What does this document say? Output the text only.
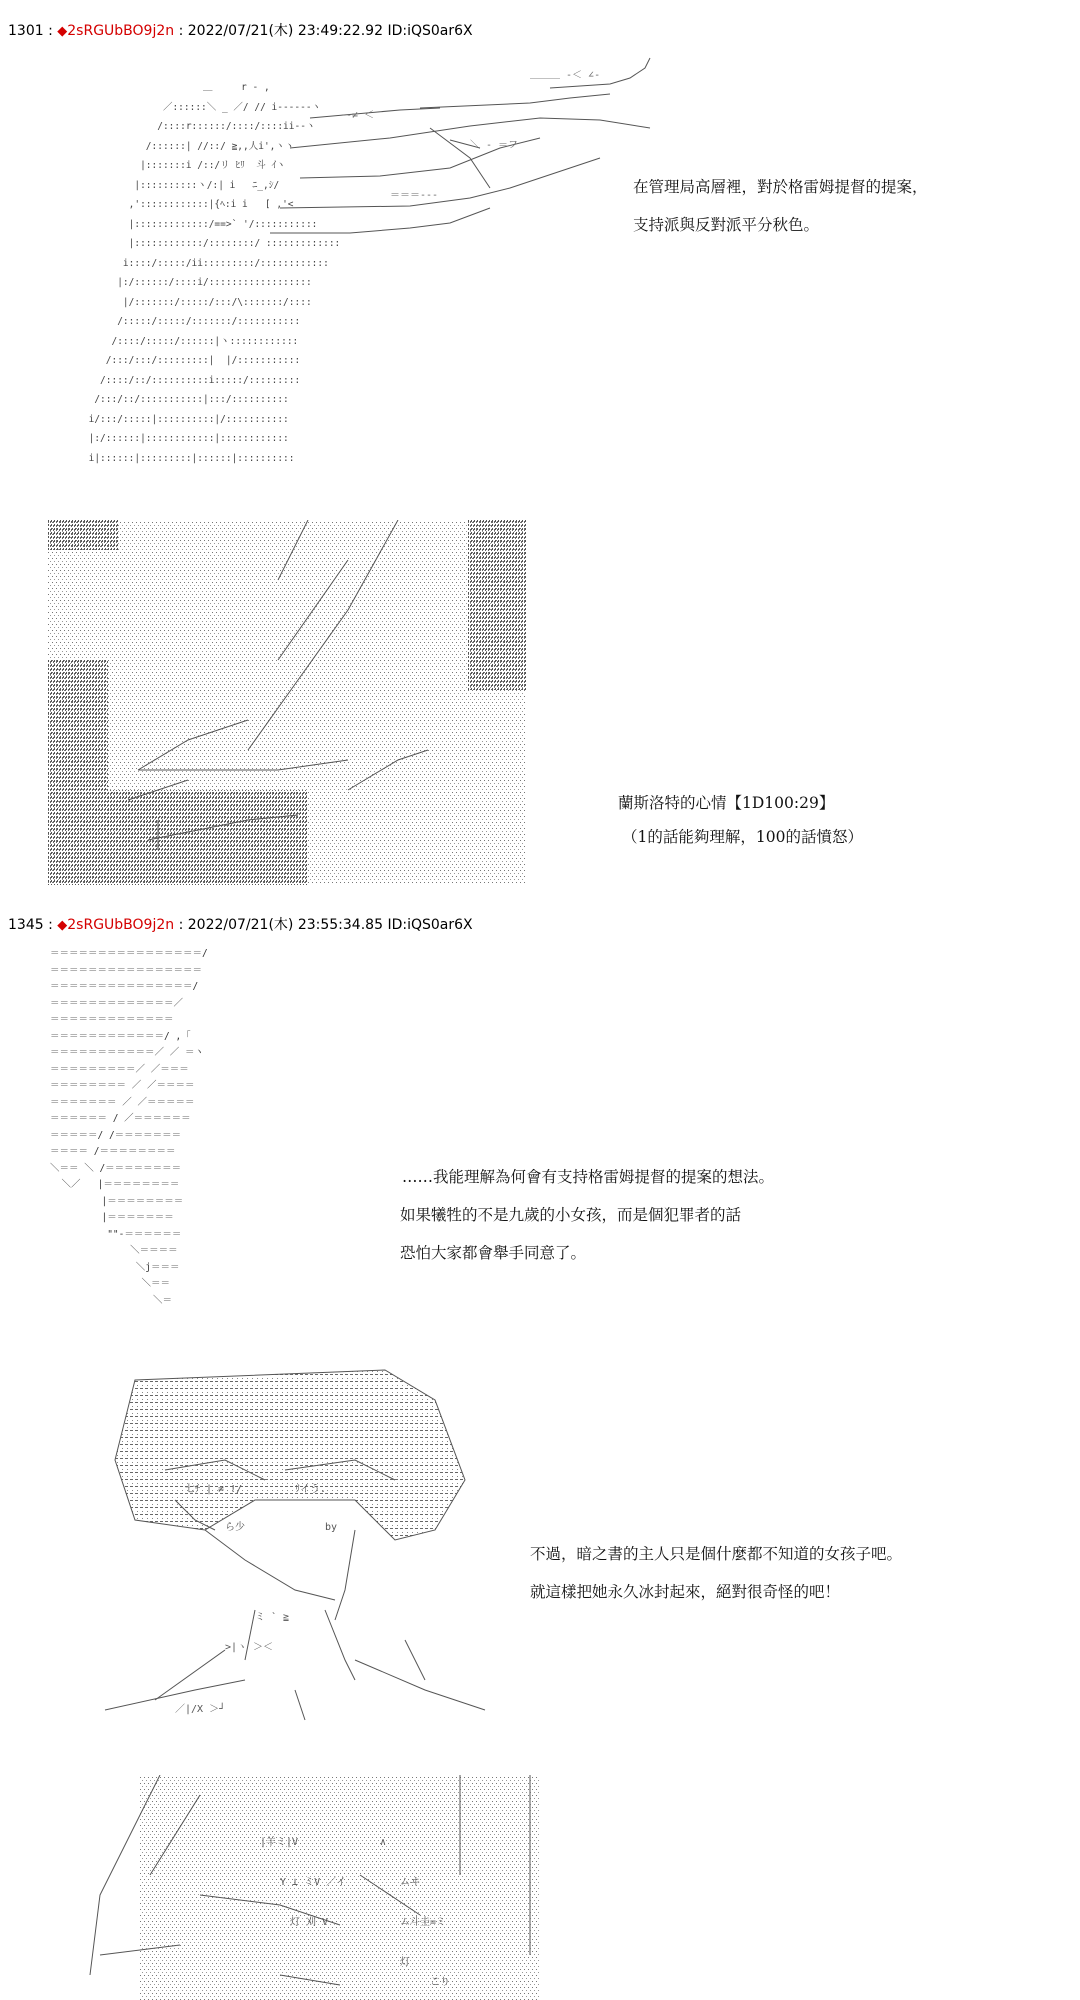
1301 : ◆2sRGUbBO9j2n : 2022/07/21(木) 23:49:22.92 ID:iQS0ar6X
＿     r - ,
／::::::＼ _ ／/ // i------ヽ
/::::r::::::/::::/::::ii--ヽ
/::::::| //::/ ≧,,人i',ヽヽ
|:::::::i /::/リ ﾋﾘ  斗 ｲヽ
|::::::::::ヽ/:| i   ﾆ_,ｼ/
,'::::::::::::|{ﾍ:i i   [ ,'<
|:::::::::::::/==>` '/:::::::::::
|::::::::::::/::::::::/ :::::::::::::
i::::/:::::/ii:::::::::/::::::::::::
|:/::::::/::::i/::::::::::::::::::
|/:::::::/:::::/:::/\:::::::/::::
/:::::/:::::/:::::::/:::::::::::
/::::/:::::/::::::|ヽ::::::::::::
/:::/:::/:::::::::|  |/:::::::::::
/::::/::/::::::::::i:::::/:::::::::
/:::/::/:::::::::::|:::/::::::::::
i/:::/:::::|::::::::::|/:::::::::::
|:/::::::|::::::::::::|::::::::::::
i|::::::|:::::::::|::::::|::::::::::
＿＿＿ -＜ ∠-
--≠ ＜
＼ - ＝フ
＝＝＝---	在管理局高層裡，對於格雷姆提督的提案，
支持派與反對派平分秋色。
蘭斯洛特的心情【1D100:29】
（1的話能夠理解，100的話憤怒）
1345 : ◆2sRGUbBO9j2n : 2022/07/21(木) 23:55:34.85 ID:iQS0ar6X
＝＝＝＝＝＝＝＝＝＝＝＝＝＝＝＝/
＝＝＝＝＝＝＝＝＝＝＝＝＝＝＝＝
＝＝＝＝＝＝＝＝＝＝＝＝＝＝＝/
＝＝＝＝＝＝＝＝＝＝＝＝＝／
＝＝＝＝＝＝＝＝＝＝＝＝＝
＝＝＝＝＝＝＝＝＝＝＝＝/ ,「
＝＝＝＝＝＝＝＝＝＝＝／ ／ ＝ヽ
＝＝＝＝＝＝＝＝＝／ ／＝＝＝
＝＝＝＝＝＝＝＝ ／ ／＝＝＝＝
＝＝＝＝＝＝＝ ／ ／＝＝＝＝＝
＝＝＝＝＝＝ / ／＝＝＝＝＝＝
＝＝＝＝＝/ /＝＝＝＝＝＝＝
＝＝＝＝ /＝＝＝＝＝＝＝＝
＼＝＝ ＼ /＝＝＝＝＝＝＝＝
＼／   |＝＝＝＝＝＝＝＝
|＝＝＝＝＝＝＝＝
|＝＝＝＝＝＝＝
""-＝＝＝＝＝＝
＼＝＝＝＝
＼j＝＝＝
＼＝＝
＼＝
……我能理解為何會有支持格雷姆提督的提案的想法。
如果犧牲的不是九歲的小女孩，而是個犯罪者的話
恐怕大家都會舉手同意了。
七ﾁ | ≠ !/	ﾘイう.
ら少	by
ミ ` ≧
>|ヽ ＞＜
／|/X ＞┘
不過，暗之書的主人只是個什麼都不知道的女孩子吧。
就這樣把她永久冰封起來，絕對很奇怪的吧！
|羊ミ|V	∧
Y ⊥ ミV ／イ	ムヰ
灯 刈 V	ム斗圭=ミ
灯
こり
